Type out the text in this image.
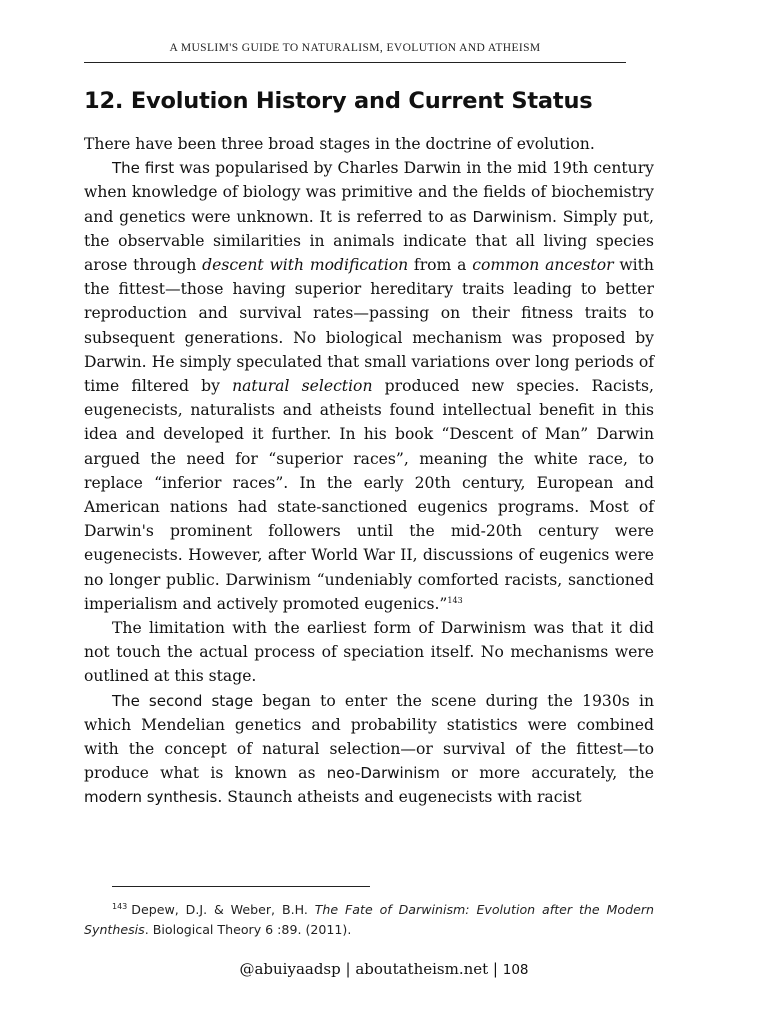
A MUSLIM'S GUIDE TO NATURALISM, EVOLUTION AND ATHEISM
12. Evolution History and Current Status

There have been three broad stages in the doctrine of evolution.

The first was popularised by Charles Darwin in the mid 19th century when knowledge of biology was primitive and the fields of biochemistry and genetics were unknown. It is referred to as Darwinism. Simply put, the observable similarities in animals indicate that all living species arose through descent with modification from a common ancestor with the fittest—those having superior hereditary traits leading to better reproduction and survival rates—passing on their fitness traits to subsequent generations. No biological mechanism was proposed by Darwin. He simply speculated that small variations over long periods of time filtered by natural selection produced new species. Racists, eugenecists, naturalists and atheists found intellectual benefit in this idea and developed it further. In his book “Descent of Man” Darwin argued the need for “superior races”, meaning the white race, to replace “inferior races”. In the early 20th century, European and American nations had state-sanctioned eugenics programs. Most of Darwin's prominent followers until the mid-20th century were eugenecists. However, after World War II, discussions of eugenics were no longer public. Darwinism “undeniably comforted racists, sanctioned imperialism and actively promoted eugenics.”$^{143}$

The limitation with the earliest form of Darwinism was that it did not touch the actual process of speciation itself. No mechanisms were outlined at this stage.

The second stage began to enter the scene during the 1930s in which Mendelian genetics and probability statistics were combined with the concept of natural selection—or survival of the fittest—to produce what is known as neo-Darwinism or more accurately, the modern synthesis. Staunch atheists and eugenecists with racist

$^{143}$ Depew, D.J. & Weber, B.H. The Fate of Darwinism: Evolution after the Modern Synthesis. Biological Theory 6 :89. (2011).

@abuiyaadsp | aboutatheism.net | 108
